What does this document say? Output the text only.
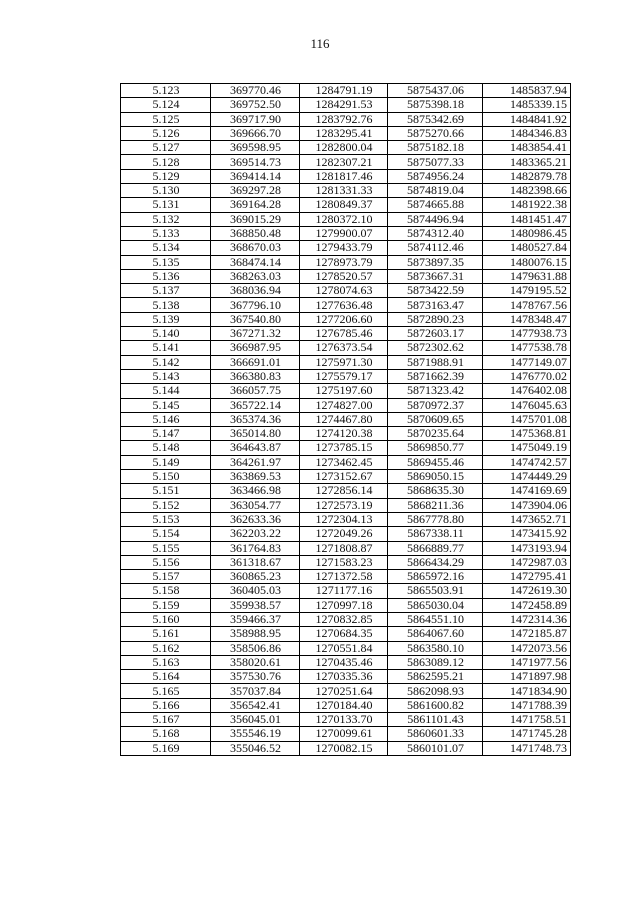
116
5.123	369770.46	1284791.19	5875437.06	1485837.94
5.124	369752.50	1284291.53	5875398.18	1485339.15
5.125	369717.90	1283792.76	5875342.69	1484841.92
5.126	369666.70	1283295.41	5875270.66	1484346.83
5.127	369598.95	1282800.04	5875182.18	1483854.41
5.128	369514.73	1282307.21	5875077.33	1483365.21
5.129	369414.14	1281817.46	5874956.24	1482879.78
5.130	369297.28	1281331.33	5874819.04	1482398.66
5.131	369164.28	1280849.37	5874665.88	1481922.38
5.132	369015.29	1280372.10	5874496.94	1481451.47
5.133	368850.48	1279900.07	5874312.40	1480986.45
5.134	368670.03	1279433.79	5874112.46	1480527.84
5.135	368474.14	1278973.79	5873897.35	1480076.15
5.136	368263.03	1278520.57	5873667.31	1479631.88
5.137	368036.94	1278074.63	5873422.59	1479195.52
5.138	367796.10	1277636.48	5873163.47	1478767.56
5.139	367540.80	1277206.60	5872890.23	1478348.47
5.140	367271.32	1276785.46	5872603.17	1477938.73
5.141	366987.95	1276373.54	5872302.62	1477538.78
5.142	366691.01	1275971.30	5871988.91	1477149.07
5.143	366380.83	1275579.17	5871662.39	1476770.02
5.144	366057.75	1275197.60	5871323.42	1476402.08
5.145	365722.14	1274827.00	5870972.37	1476045.63
5.146	365374.36	1274467.80	5870609.65	1475701.08
5.147	365014.80	1274120.38	5870235.64	1475368.81
5.148	364643.87	1273785.15	5869850.77	1475049.19
5.149	364261.97	1273462.45	5869455.46	1474742.57
5.150	363869.53	1273152.67	5869050.15	1474449.29
5.151	363466.98	1272856.14	5868635.30	1474169.69
5.152	363054.77	1272573.19	5868211.36	1473904.06
5.153	362633.36	1272304.13	5867778.80	1473652.71
5.154	362203.22	1272049.26	5867338.11	1473415.92
5.155	361764.83	1271808.87	5866889.77	1473193.94
5.156	361318.67	1271583.23	5866434.29	1472987.03
5.157	360865.23	1271372.58	5865972.16	1472795.41
5.158	360405.03	1271177.16	5865503.91	1472619.30
5.159	359938.57	1270997.18	5865030.04	1472458.89
5.160	359466.37	1270832.85	5864551.10	1472314.36
5.161	358988.95	1270684.35	5864067.60	1472185.87
5.162	358506.86	1270551.84	5863580.10	1472073.56
5.163	358020.61	1270435.46	5863089.12	1471977.56
5.164	357530.76	1270335.36	5862595.21	1471897.98
5.165	357037.84	1270251.64	5862098.93	1471834.90
5.166	356542.41	1270184.40	5861600.82	1471788.39
5.167	356045.01	1270133.70	5861101.43	1471758.51
5.168	355546.19	1270099.61	5860601.33	1471745.28
5.169	355046.52	1270082.15	5860101.07	1471748.73
